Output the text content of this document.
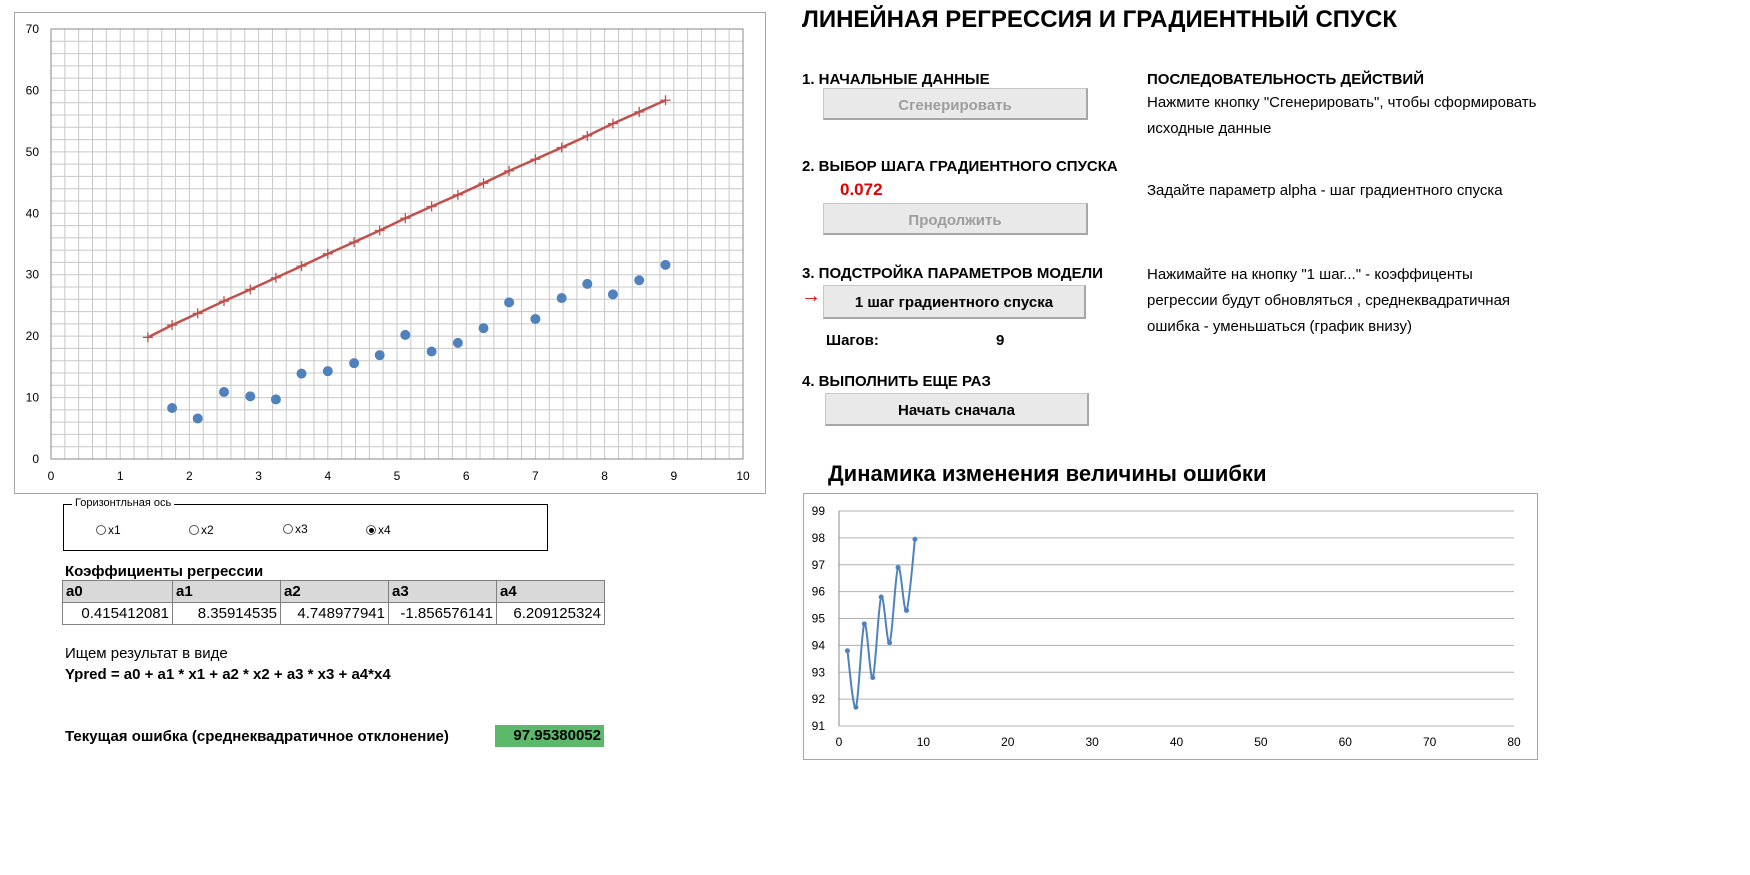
0	1	2	3	4	5	6	7	8	9	10
0
10
20
30
40
50
60
70
Горизонтльная ось
x1	x2	x3	x4
Коэффициенты регрессии
a0	a1	a2	a3	a4
0.415412081	8.35914535	4.748977941	-1.856576141	6.209125324
Ищем результат в виде
Ypred = a0 + a1 * x1 + a2 * x2 + a3 * x3 + a4*x4
Текущая ошибка (среднеквадратичное отклонение)	97.95380052
ЛИНЕЙНАЯ РЕГРЕССИЯ И ГРАДИЕНТНЫЙ СПУСК
1. НАЧАЛЬНЫЕ ДАННЫЕ
Сгенерировать
2. ВЫБОР ШАГА ГРАДИЕНТНОГО СПУСКА
0.072
Продолжить
3. ПОДСТРОЙКА ПАРАМЕТРОВ МОДЕЛИ
→	1 шаг градиентного спуска
Шагов:	9
4. ВЫПОЛНИТЬ ЕЩЕ РАЗ
Начать сначала
ПОСЛЕДОВАТЕЛЬНОСТЬ ДЕЙСТВИЙ
Нажмите кнопку "Сгенерировать", чтобы сформировать исходные данные
Задайте параметр alpha - шаг градиентного спуска
Нажимайте на кнопку "1 шаг..." - коэффиценты регрессии будут обновляться , среднеквадратичная ошибка - уменьшаться (график внизу)
Динамика изменения величины ошибки
91
92
93
94
95
96
97
98
99
0	10	20	30	40	50	60	70	80
